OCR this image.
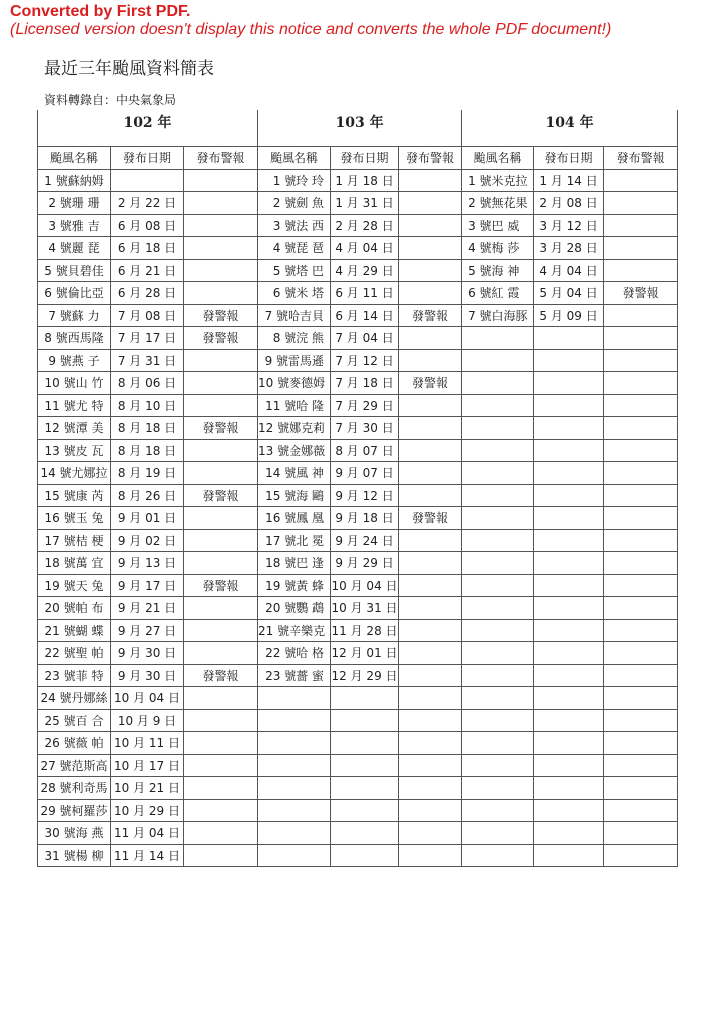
Converted by First PDF.
(Licensed version doesn't display this notice and converts the whole PDF document!)
最近三年颱風資料簡表
資料轉錄自：中央氣象局
102 年			103 年			104 年		
颱風名稱	發布日期	發布警報	颱風名稱	發布日期	發布警報	颱風名稱	發布日期	發布警報
1 號蘇納姆			1 號玲 玲	1 月 18 日		1 號米克拉	1 月 14 日	
2 號珊 珊	2 月 22 日		2 號劍 魚	1 月 31 日		2 號無花果	2 月 08 日	
3 號雅 吉	6 月 08 日		3 號法 西	2 月 28 日		3 號巴 威	3 月 12 日	
4 號麗 琵	6 月 18 日		4 號琵 琶	4 月 04 日		4 號梅 莎	3 月 28 日	
5 號貝碧佳	6 月 21 日		5 號塔 巴	4 月 29 日		5 號海 神	4 月 04 日	
6 號倫比亞	6 月 28 日		6 號米 塔	6 月 11 日		6 號紅 霞	5 月 04 日	發警報
7 號蘇 力	7 月 08 日	發警報	7 號哈吉貝	6 月 14 日	發警報	7 號白海豚	5 月 09 日	
8 號西馬隆	7 月 17 日	發警報	8 號浣 熊	7 月 04 日				
9 號燕 子	7 月 31 日		9 號雷馬遜	7 月 12 日				
10 號山 竹	8 月 06 日		10 號麥德姆	7 月 18 日	發警報			
11 號尤 特	8 月 10 日		11 號哈 隆	7 月 29 日				
12 號潭 美	8 月 18 日	發警報	12 號娜克莉	7 月 30 日				
13 號皮 瓦	8 月 18 日		13 號金娜薇	8 月 07 日				
14 號尤娜拉	8 月 19 日		14 號風 神	9 月 07 日				
15 號康 芮	8 月 26 日	發警報	15 號海 鷗	9 月 12 日				
16 號玉 兔	9 月 01 日		16 號鳳 凰	9 月 18 日	發警報			
17 號桔 梗	9 月 02 日		17 號北 冕	9 月 24 日				
18 號萬 宜	9 月 13 日		18 號巴 逢	9 月 29 日				
19 號天 兔	9 月 17 日	發警報	19 號黃 蜂	10 月 04 日				
20 號帕 布	9 月 21 日		20 號鸚 鵡	10 月 31 日				
21 號蝴 蝶	9 月 27 日		21 號辛樂克	11 月 28 日				
22 號聖 帕	9 月 30 日		22 號哈 格	12 月 01 日				
23 號菲 特	9 月 30 日	發警報	23 號薔 蜜	12 月 29 日				
24 號丹娜絲	10 月 04 日							
25 號百 合	10 月 9 日							
26 號薇 帕	10 月 11 日							
27 號范斯高	10 月 17 日							
28 號利奇馬	10 月 21 日							
29 號柯羅莎	10 月 29 日							
30 號海 燕	11 月 04 日							
31 號楊 柳	11 月 14 日							
